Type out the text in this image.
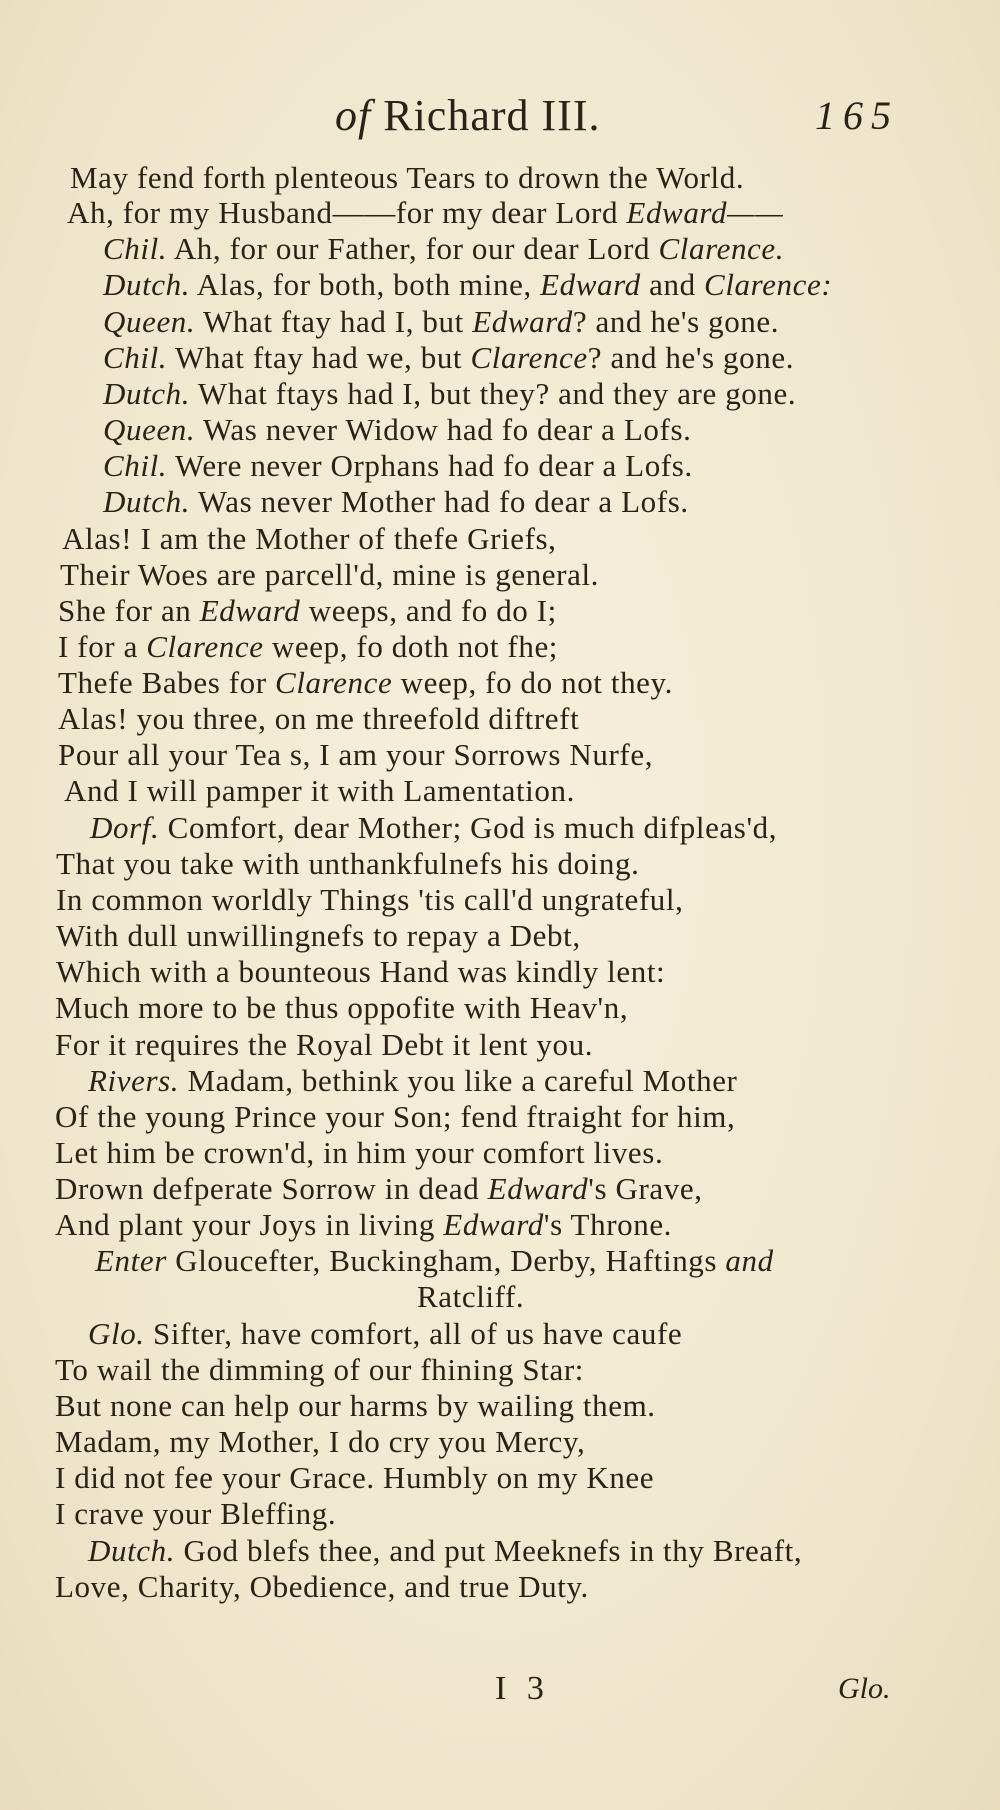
of Richard III.	165
May fend forth plenteous Tears to drown the World.
Ah, for my Husband——for my dear Lord Edward——
Chil. Ah, for our Father, for our dear Lord Clarence.
Dutch. Alas, for both, both mine, Edward and Clarence:
Queen. What ftay had I, but Edward? and he's gone.
Chil. What ftay had we, but Clarence? and he's gone.
Dutch. What ftays had I, but they? and they are gone.
Queen. Was never Widow had fo dear a Lofs.
Chil. Were never Orphans had fo dear a Lofs.
Dutch. Was never Mother had fo dear a Lofs.
Alas! I am the Mother of thefe Griefs,
Their Woes are parcell'd, mine is general.
She for an Edward weeps, and fo do I;
I for a Clarence weep, fo doth not fhe;
Thefe Babes for Clarence weep, fo do not they.
Alas! you three, on me threefold diftreft
Pour all your Tea s, I am your Sorrows Nurfe,
And I will pamper it with Lamentation.
Dorf. Comfort, dear Mother; God is much difpleas'd,
That you take with unthankfulnefs his doing.
In common worldly Things 'tis call'd ungrateful,
With dull unwillingnefs to repay a Debt,
Which with a bounteous Hand was kindly lent:
Much more to be thus oppofite with Heav'n,
For it requires the Royal Debt it lent you.
Rivers. Madam, bethink you like a careful Mother
Of the young Prince your Son; fend ftraight for him,
Let him be crown'd, in him your comfort lives.
Drown defperate Sorrow in dead Edward's Grave,
And plant your Joys in living Edward's Throne.
Enter Gloucefter, Buckingham, Derby, Haftings and
Ratcliff.
Glo. Sifter, have comfort, all of us have caufe
To wail the dimming of our fhining Star:
But none can help our harms by wailing them.
Madam, my Mother, I do cry you Mercy,
I did not fee your Grace. Humbly on my Knee
I crave your Bleffing.
Dutch. God blefs thee, and put Meeknefs in thy Breaft,
Love, Charity, Obedience, and true Duty.
I 3	Glo.
